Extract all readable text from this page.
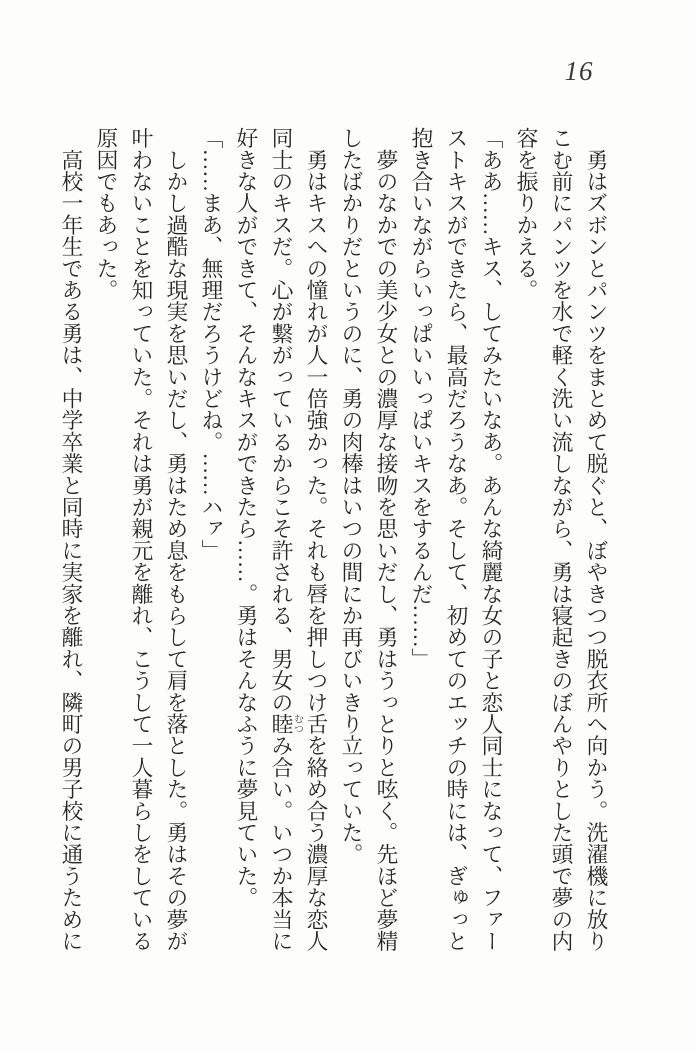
16

　勇はズボンとパンツをまとめて脱ぐと、ぼやきつつ脱衣所へ向かう。洗濯機に放りこむ前にパンツを水で軽く洗い流しながら、勇は寝起きのぼんやりとした頭で夢の内容を振りかえる。

「ああ……キス、してみたいなあ。あんな綺麗な女の子と恋人同士になって、ファーストキスができたら、最高だろうなあ。そして、初めてのエッチの時には、ぎゅっと抱き合いながらいっぱいいっぱいキスをするんだ……」

　夢のなかでの美少女との濃厚な接吻を思いだし、勇はうっとりと呟く。先ほど夢精したばかりだというのに、勇の肉棒はいつの間にか再びいきり立っていた。

　勇はキスへの憧れが人一倍強かった。それも唇を押しつけ舌を絡め合う濃厚な恋人同士のキスだ。心が繋がっているからこそ許される、男女の睦むつみ合い。いつか本当に好きな人ができて、そんなキスができたら……。勇はそんなふうに夢見ていた。

「……まあ、無理だろうけどね。……ハァ」

　しかし過酷な現実を思いだし、勇はため息をもらして肩を落とした。勇はその夢が叶わないことを知っていた。それは勇が親元を離れ、こうして一人暮らしをしている原因でもあった。

　高校一年生である勇は、中学卒業と同時に実家を離れ、隣町の男子校に通うために
